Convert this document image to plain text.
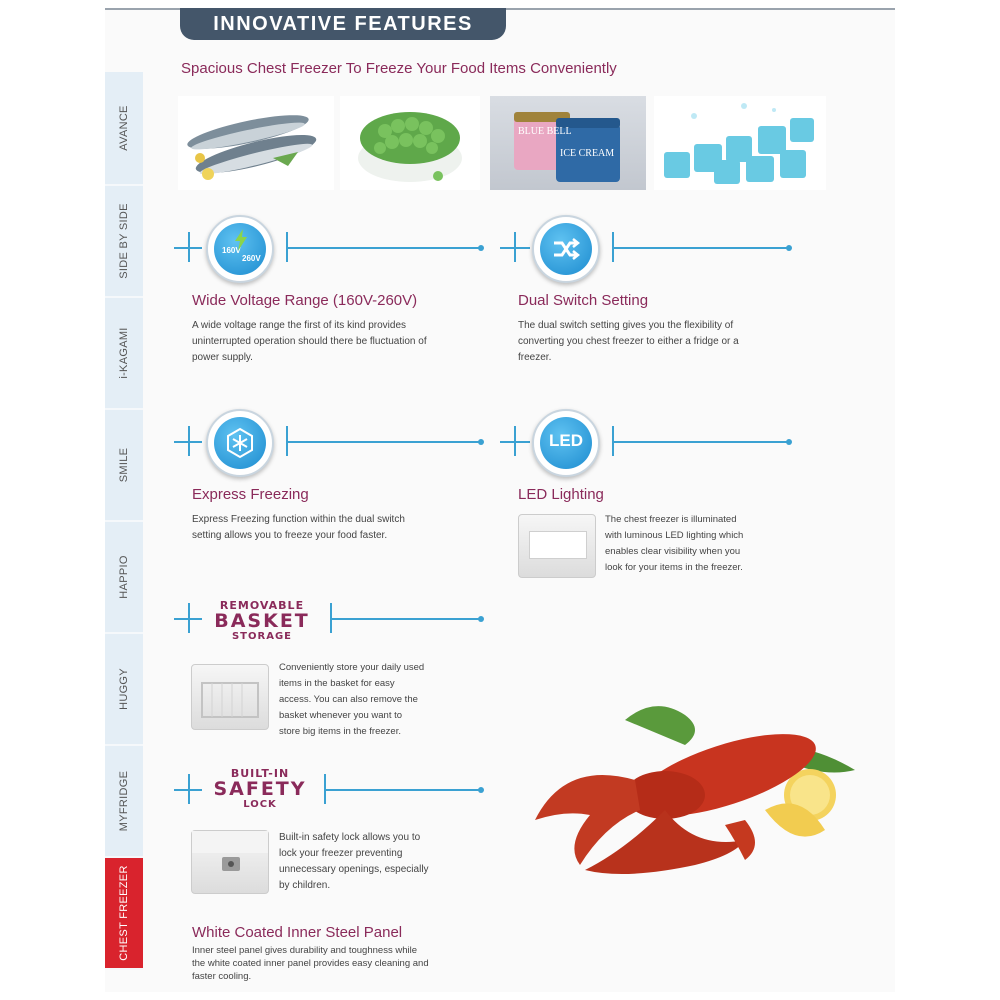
INNOVATIVE FEATURES
Spacious Chest Freezer To Freeze Your Food Items Conveniently
AVANCE
SIDE BY SIDE
i-KAGAMI
SMILE
HAPPIO
HUGGY
MYFRIDGE
CHEST FREEZER
BLUE BELL
ICE CREAM
160V
260V
Wide Voltage Range (160V-260V)
A wide voltage range the first of its kind provides uninterrupted operation should there be fluctuation of power supply.
Dual Switch Setting
The dual switch setting gives you the flexibility of converting you chest freezer to either a fridge or a freezer.
Express Freezing
Express Freezing function within the dual switch setting allows you to freeze your food faster.
LED
LED Lighting
The chest freezer is illuminated with luminous LED lighting which enables clear visibility when you look for your items in the freezer.
REMOVABLE
BASKET
STORAGE
Conveniently store your daily used items in the basket for easy access. You can also remove the basket whenever you want to store big items in the freezer.
BUILT-IN
SAFETY
LOCK
Built-in safety lock allows you to lock your freezer preventing unnecessary openings, especially by children.
White Coated Inner Steel Panel
Inner steel panel gives durability and toughness while the white coated inner panel provides easy cleaning and faster cooling.
